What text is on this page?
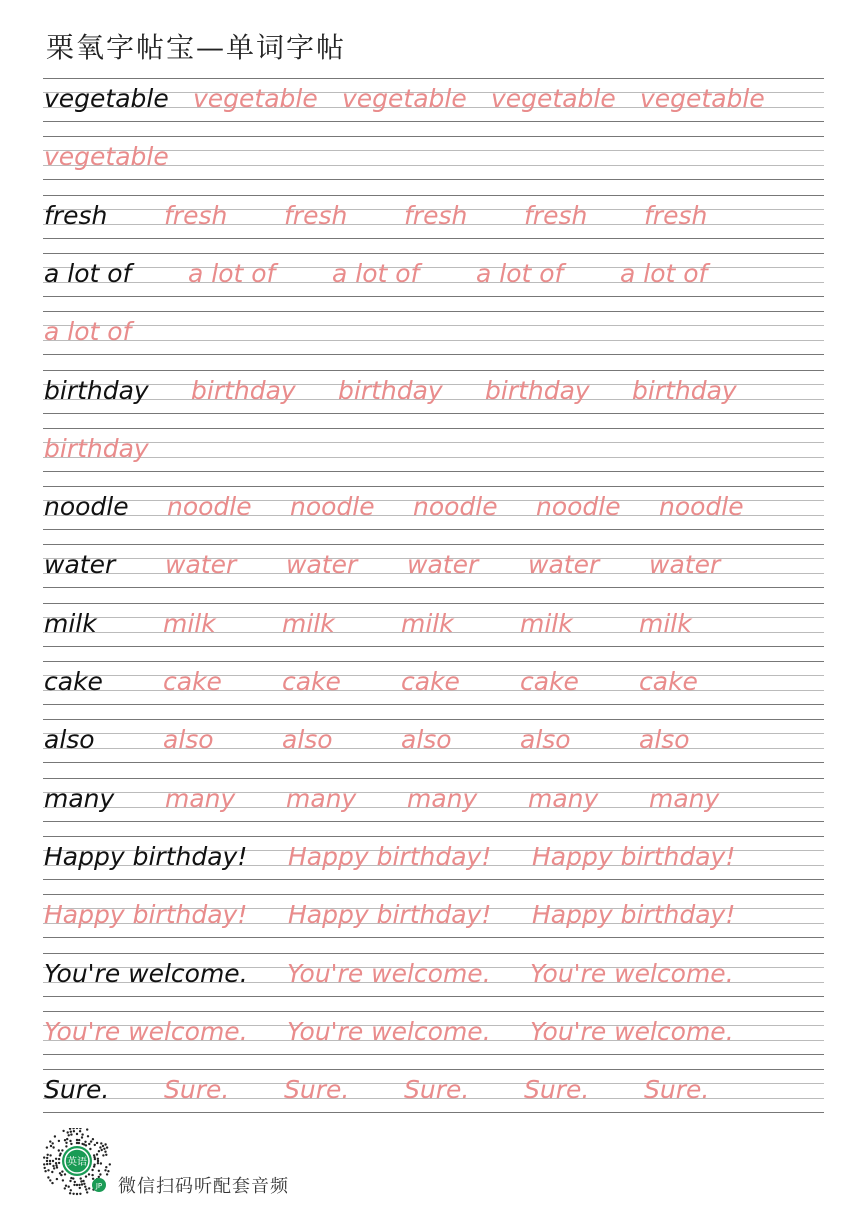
栗氧字帖宝—单词字帖
vegetable vegetable vegetable vegetable vegetable
vegetable
fresh fresh fresh fresh fresh fresh
a lot of a lot of a lot of a lot of a lot of
a lot of
birthday birthday birthday birthday birthday
birthday
noodle noodle noodle noodle noodle noodle
water water water water water water
milk	milk	milk	milk	milk	milk
cake cake cake cake cake cake
also	also	also	also	also	also
many many many many many many
Happy birthday! Happy birthday! Happy birthday!
Happy birthday! Happy birthday! Happy birthday!
You're welcome. You're welcome. You're welcome.
You're welcome. You're welcome. You're welcome.
Sure. Sure. Sure. Sure. Sure. Sure.
英语
JP 微信扫码听配套音频
